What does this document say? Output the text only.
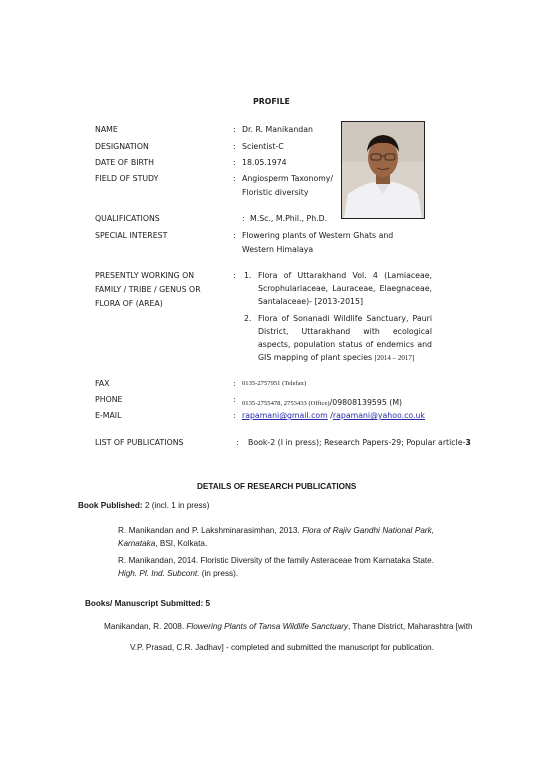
PROFILE
NAME	: Dr. R. Manikandan
DESIGNATION	: Scientist-C
DATE OF BIRTH	: 18.05.1974
FIELD OF STUDY	: Angiosperm Taxonomy/
Floristic diversity
QUALIFICATIONS	: M.Sc., M.Phil., Ph.D.
SPECIAL INTEREST	: Flowering plants of Western Ghats and
Western Himalaya
PRESENTLY WORKING ON
FAMILY / TRIBE / GENUS OR
FLORA OF (AREA)
: 1. Flora of Uttarakhand Vol. 4 (Lamiaceae, Scrophulariaceae, Lauraceae, Elaegnaceae, Santalaceae)- [2013-2015]
2. Flora of Sonanadi Wildlife Sanctuary, Pauri District, Uttarakhand with ecological aspects, population status of endemics and GIS mapping of plant species [2014 – 2017]
FAX	: 0135-2757951 (Telefax)
PHONE	: 0135-2755478, 2753433 (Office)/09808139595 (M)
E-MAIL	: rapamani@gmail.com /rapamani@yahoo.co.uk
LIST OF PUBLICATIONS	: Book-2 (I in press); Research Papers-29; Popular article-3
DETAILS OF RESEARCH PUBLICATIONS
Book Published: 2 (incl. 1 in press)
R. Manikandan and P. Lakshminarasimhan, 2013. Flora of Rajiv Gandhi National Park, Karnataka, BSI, Kolkata.
R. Manikandan, 2014. Floristic Diversity of the family Asteraceae from Karnataka State. High. Pl. Ind. Subcont. (in press).
Books/ Manuscript Submitted: 5
Manikandan, R. 2008. Flowering Plants of Tansa Wildlife Sanctuary, Thane District, Maharashtra [with
V.P. Prasad, C.R. Jadhav] - completed and submitted the manuscript for publication.
